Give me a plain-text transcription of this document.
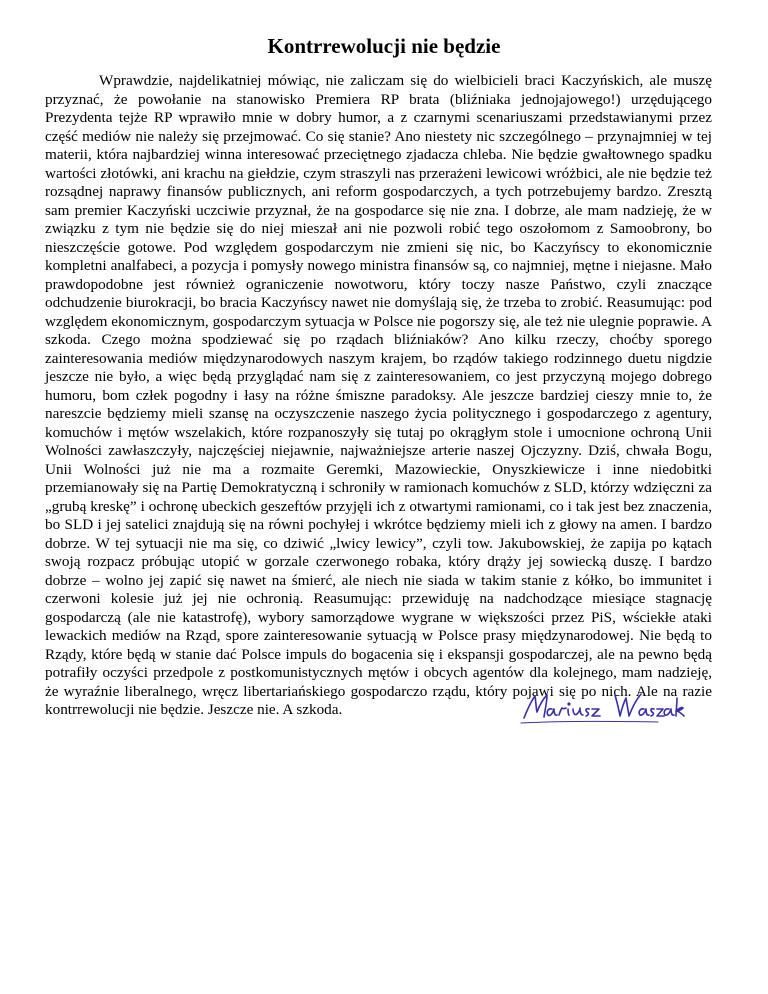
Kontrrewolucji nie będzie

Wprawdzie, najdelikatniej mówiąc, nie zaliczam się do wielbicieli braci Kaczyńskich, ale muszę przyznać, że powołanie na stanowisko Premiera RP brata (bliźniaka jednojajowego!) urzędującego Prezydenta tejże RP wprawiło mnie w dobry humor, a z czarnymi scenariuszami przedstawianymi przez część mediów nie należy się przejmować. Co się stanie? Ano niestety nic szczególnego – przynajmniej w tej materii, która najbardziej winna interesować przeciętnego zjadacza chleba. Nie będzie gwałtownego spadku wartości złotówki, ani krachu na giełdzie, czym straszyli nas przerażeni lewicowi wróżbici, ale nie będzie też rozsądnej naprawy finansów publicznych, ani reform gospodarczych, a tych potrzebujemy bardzo. Zresztą sam premier Kaczyński uczciwie przyznał, że na gospodarce się nie zna. I dobrze, ale mam nadzieję, że w związku z tym nie będzie się do niej mieszał ani nie pozwoli robić tego oszołomom z Samoobrony, bo nieszczęście gotowe. Pod względem gospodarczym nie zmieni się nic, bo Kaczyńscy to ekonomicznie kompletni analfabeci, a pozycja i pomysły nowego ministra finansów są, co najmniej, mętne i niejasne. Mało prawdopodobne jest również ograniczenie nowotworu, który toczy nasze Państwo, czyli znaczące odchudzenie biurokracji, bo bracia Kaczyńscy nawet nie domyślają się, że trzeba to zrobić. Reasumując: pod względem ekonomicznym, gospodarczym sytuacja w Polsce nie pogorszy się, ale też nie ulegnie poprawie. A szkoda. Czego można spodziewać się po rządach bliźniaków? Ano kilku rzeczy, choćby sporego zainteresowania mediów międzynarodowych naszym krajem, bo rządów takiego rodzinnego duetu nigdzie jeszcze nie było, a więc będą przyglądać nam się z zainteresowaniem, co jest przyczyną mojego dobrego humoru, bom człek pogodny i łasy na różne śmiszne paradoksy. Ale jeszcze bardziej cieszy mnie to, że nareszcie będziemy mieli szansę na oczyszczenie naszego życia politycznego i gospodarczego z agentury, komuchów i mętów wszelakich, które rozpanoszyły się tutaj po okrągłym stole i umocnione ochroną Unii Wolności zawłaszczyły, najczęściej niejawnie, najważniejsze arterie naszej Ojczyzny. Dziś, chwała Bogu, Unii Wolności już nie ma a rozmaite Geremki, Mazowieckie, Onyszkiewicze i inne niedobitki przemianowały się na Partię Demokratyczną i schroniły w ramionach komuchów z SLD, którzy wdzięczni za „grubą kreskę” i ochronę ubeckich geszeftów przyjęli ich z otwartymi ramionami, co i tak jest bez znaczenia, bo SLD i jej satelici znajdują się na równi pochyłej i wkrótce będziemy mieli ich z głowy na amen. I bardzo dobrze. W tej sytuacji nie ma się, co dziwić „lwicy lewicy”, czyli tow. Jakubowskiej, że zapija po kątach swoją rozpacz próbując utopić w gorzale czerwonego robaka, który drąży jej sowiecką duszę. I bardzo dobrze – wolno jej zapić się nawet na śmierć, ale niech nie siada w takim stanie z kółko, bo immunitet i czerwoni kolesie już jej nie ochronią. Reasumując: przewiduję na nadchodzące miesiące stagnację gospodarczą (ale nie katastrofę), wybory samorządowe wygrane w większości przez PiS, wściekłe ataki lewackich mediów na Rząd, spore zainteresowanie sytuacją w Polsce prasy międzynarodowej. Nie będą to Rządy, które będą w stanie dać Polsce impuls do bogacenia się i ekspansji gospodarczej, ale na pewno będą potrafiły oczyści przedpole z postkomunistycznych mętów i obcych agentów dla kolejnego, mam nadzieję, że wyraźnie liberalnego, wręcz libertariańskiego gospodarczo rządu, który pojawi się po nich. Ale na razie kontrrewolucji nie będzie. Jeszcze nie. A szkoda.
